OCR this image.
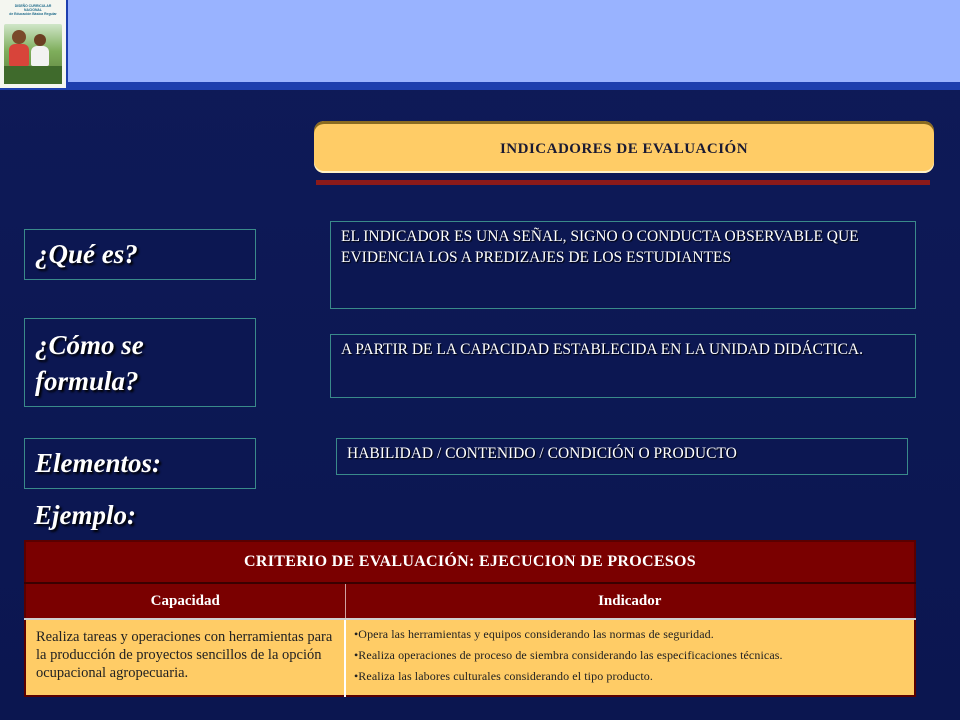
DISEÑO CURRICULAR NACIONAL
de Educación Básica Regular
INDICADORES DE EVALUACIÓN
¿Qué es?
EL INDICADOR ES UNA SEÑAL, SIGNO O CONDUCTA OBSERVABLE QUE EVIDENCIA LOS A PREDIZAJES DE LOS ESTUDIANTES
¿Cómo se formula?
A PARTIR DE LA CAPACIDAD ESTABLECIDA EN LA UNIDAD DIDÁCTICA.
Elementos:	HABILIDAD / CONTENIDO / CONDICIÓN O PRODUCTO
Ejemplo:
CRITERIO DE EVALUACIÓN: EJECUCION DE PROCESOS	
Capacidad	Indicador
Realiza tareas y operaciones con herramientas para la producción de proyectos sencillos de la opción ocupacional agropecuaria.	•Opera las herramientas y equipos considerando las normas de seguridad.

•Realiza operaciones de proceso de siembra considerando las especificaciones técnicas.

•Realiza las labores culturales considerando el tipo producto.
